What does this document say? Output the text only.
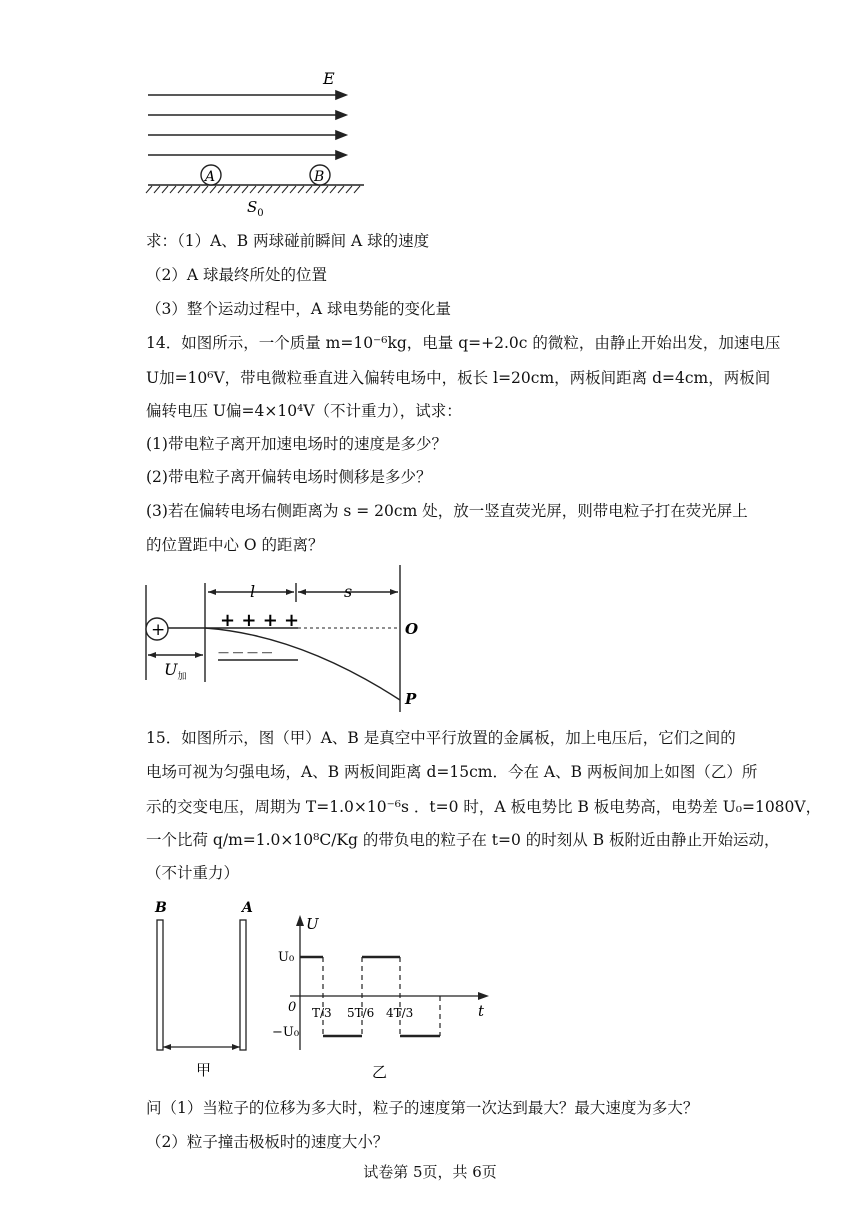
E
A	B
$S_0$
求：（1）A、B 两球碰前瞬间 A 球的速度
（2）A 球最终所处的位置
（3）整个运动过程中，A 球电势能的变化量
14．如图所示，一个质量 m=10⁻⁶kg，电量 q=+2.0c 的微粒，由静止开始出发，加速电压
U加=10⁶V，带电微粒垂直进入偏转电场中，板长 l=20cm，两板间距离 d=4cm，两板间
偏转电压 U偏=4×10⁴V（不计重力），试求：
(1)带电粒子离开加速电场时的速度是多少？
(2)带电粒子离开偏转电场时侧移是多少？
(3)若在偏转电场右侧距离为 s = 20cm 处，放一竖直荧光屏，则带电粒子打在荧光屏上
的位置距中心 O 的距离？
+
l	s
+ + + +
— — — —
O
P
$U_加$
15．如图所示，图（甲）A、B 是真空中平行放置的金属板，加上电压后，它们之间的
电场可视为匀强电场，A、B 两板间距离 d=15cm．今在 A、B 两板间加上如图（乙）所
示的交变电压，周期为 T=1.0×10⁻⁶s ．t=0 时，A 板电势比 B 板电势高，电势差 U₀=1080V，
一个比荷 q/m=1.0×10⁸C/Kg 的带负电的粒子在 t=0 的时刻从 B 板附近由静止开始运动，
（不计重力）
B	A
甲
U
t
0
U₀
−U₀
T/3 5T/6 4T/3
乙
问（1）当粒子的位移为多大时，粒子的速度第一次达到最大？最大速度为多大？
（2）粒子撞击极板时的速度大小？
试卷第 5页，共 6页
